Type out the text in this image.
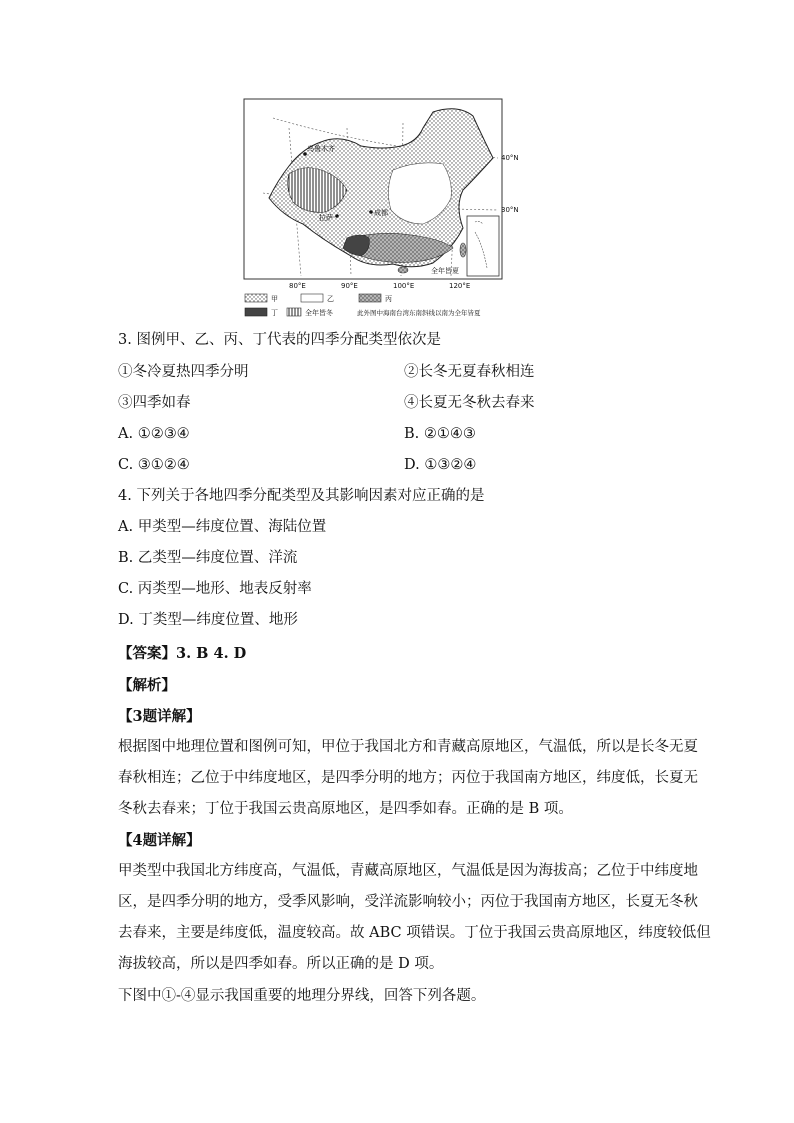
乌鲁木齐
拉萨
成都
40°N
30°N
80°E	90°E	100°E	120°E
全年皆夏
甲	乙	丙
丁	全年皆冬	此外图中海南台湾东南斜线以南为全年皆夏
3. 图例甲、乙、丙、丁代表的四季分配类型依次是
①冬冷夏热四季分明	②长冬无夏春秋相连
③四季如春	④长夏无冬秋去春来
A. ①②③④	B. ②①④③
C. ③①②④	D. ①③②④
4. 下列关于各地四季分配类型及其影响因素对应正确的是
A. 甲类型—纬度位置、海陆位置
B. 乙类型—纬度位置、洋流
C. 丙类型—地形、地表反射率
D. 丁类型—纬度位置、地形
【答案】3. B 4. D
【解析】
【3题详解】
根据图中地理位置和图例可知，甲位于我国北方和青藏高原地区，气温低，所以是长冬无夏
春秋相连；乙位于中纬度地区，是四季分明的地方；丙位于我国南方地区，纬度低，长夏无
冬秋去春来；丁位于我国云贵高原地区，是四季如春。正确的是 B 项。
【4题详解】
甲类型中我国北方纬度高，气温低，青藏高原地区，气温低是因为海拔高；乙位于中纬度地
区，是四季分明的地方，受季风影响，受洋流影响较小；丙位于我国南方地区，长夏无冬秋
去春来，主要是纬度低，温度较高。故 ABC 项错误。丁位于我国云贵高原地区，纬度较低但
海拔较高，所以是四季如春。所以正确的是 D 项。
下图中①-④显示我国重要的地理分界线，回答下列各题。
